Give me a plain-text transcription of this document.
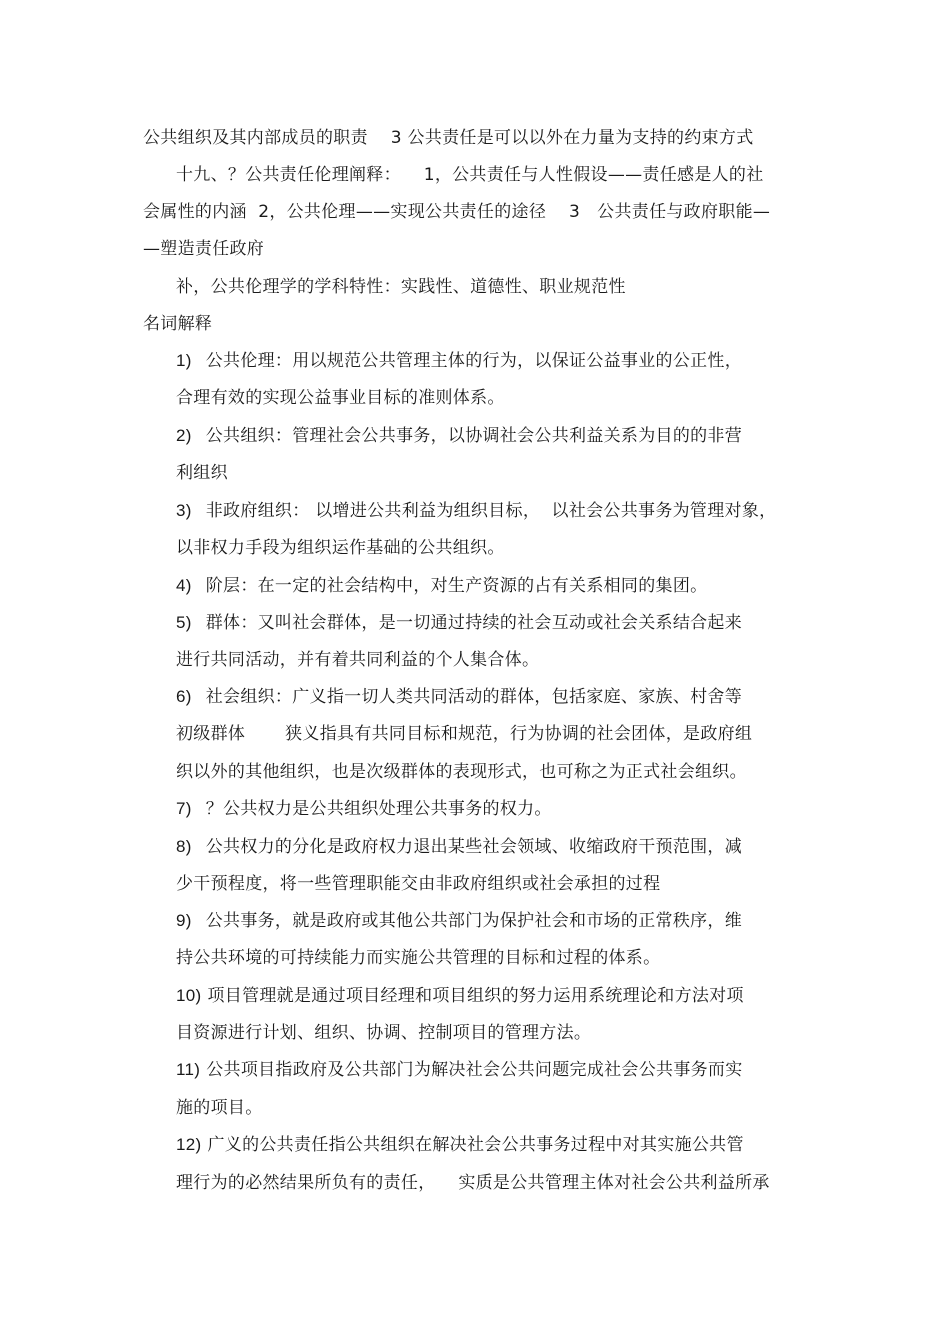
公共组织及其内部成员的职责    3 公共责任是可以以外在力量为支持的约束方式
十九、？公共责任伦理阐释：    1，公共责任与人性假设——责任感是人的社
会属性的内涵  2，公共伦理——实现公共责任的途径    3   公共责任与政府职能—
—塑造责任政府
补，公共伦理学的学科特性：实践性、道德性、职业规范性
名词解释
1) 公共伦理：用以规范公共管理主体的行为，以保证公益事业的公正性，
合理有效的实现公益事业目标的准则体系。
2) 公共组织：管理社会公共事务，以协调社会公共利益关系为目的的非营
利组织
3) 非政府组织： 以增进公共利益为组织目标，  以社会公共事务为管理对象，
以非权力手段为组织运作基础的公共组织。
4) 阶层：在一定的社会结构中，对生产资源的占有关系相同的集团。
5) 群体：又叫社会群体，是一切通过持续的社会互动或社会关系结合起来
进行共同活动，并有着共同利益的个人集合体。
6) 社会组织：广义指一切人类共同活动的群体，包括家庭、家族、村舍等
初级群体       狭义指具有共同目标和规范，行为协调的社会团体，是政府组
织以外的其他组织，也是次级群体的表现形式，也可称之为正式社会组织。
7) ？公共权力是公共组织处理公共事务的权力。
8) 公共权力的分化是政府权力退出某些社会领域、收缩政府干预范围，减
少干预程度，将一些管理职能交由非政府组织或社会承担的过程
9) 公共事务，就是政府或其他公共部门为保护社会和市场的正常秩序，维
持公共环境的可持续能力而实施公共管理的目标和过程的体系。
10) 项目管理就是通过项目经理和项目组织的努力运用系统理论和方法对项
目资源进行计划、组织、协调、控制项目的管理方法。
11) 公共项目指政府及公共部门为解决社会公共问题完成社会公共事务而实
施的项目。
12) 广义的公共责任指公共组织在解决社会公共事务过程中对其实施公共管
理行为的必然结果所负有的责任，    实质是公共管理主体对社会公共利益所承
